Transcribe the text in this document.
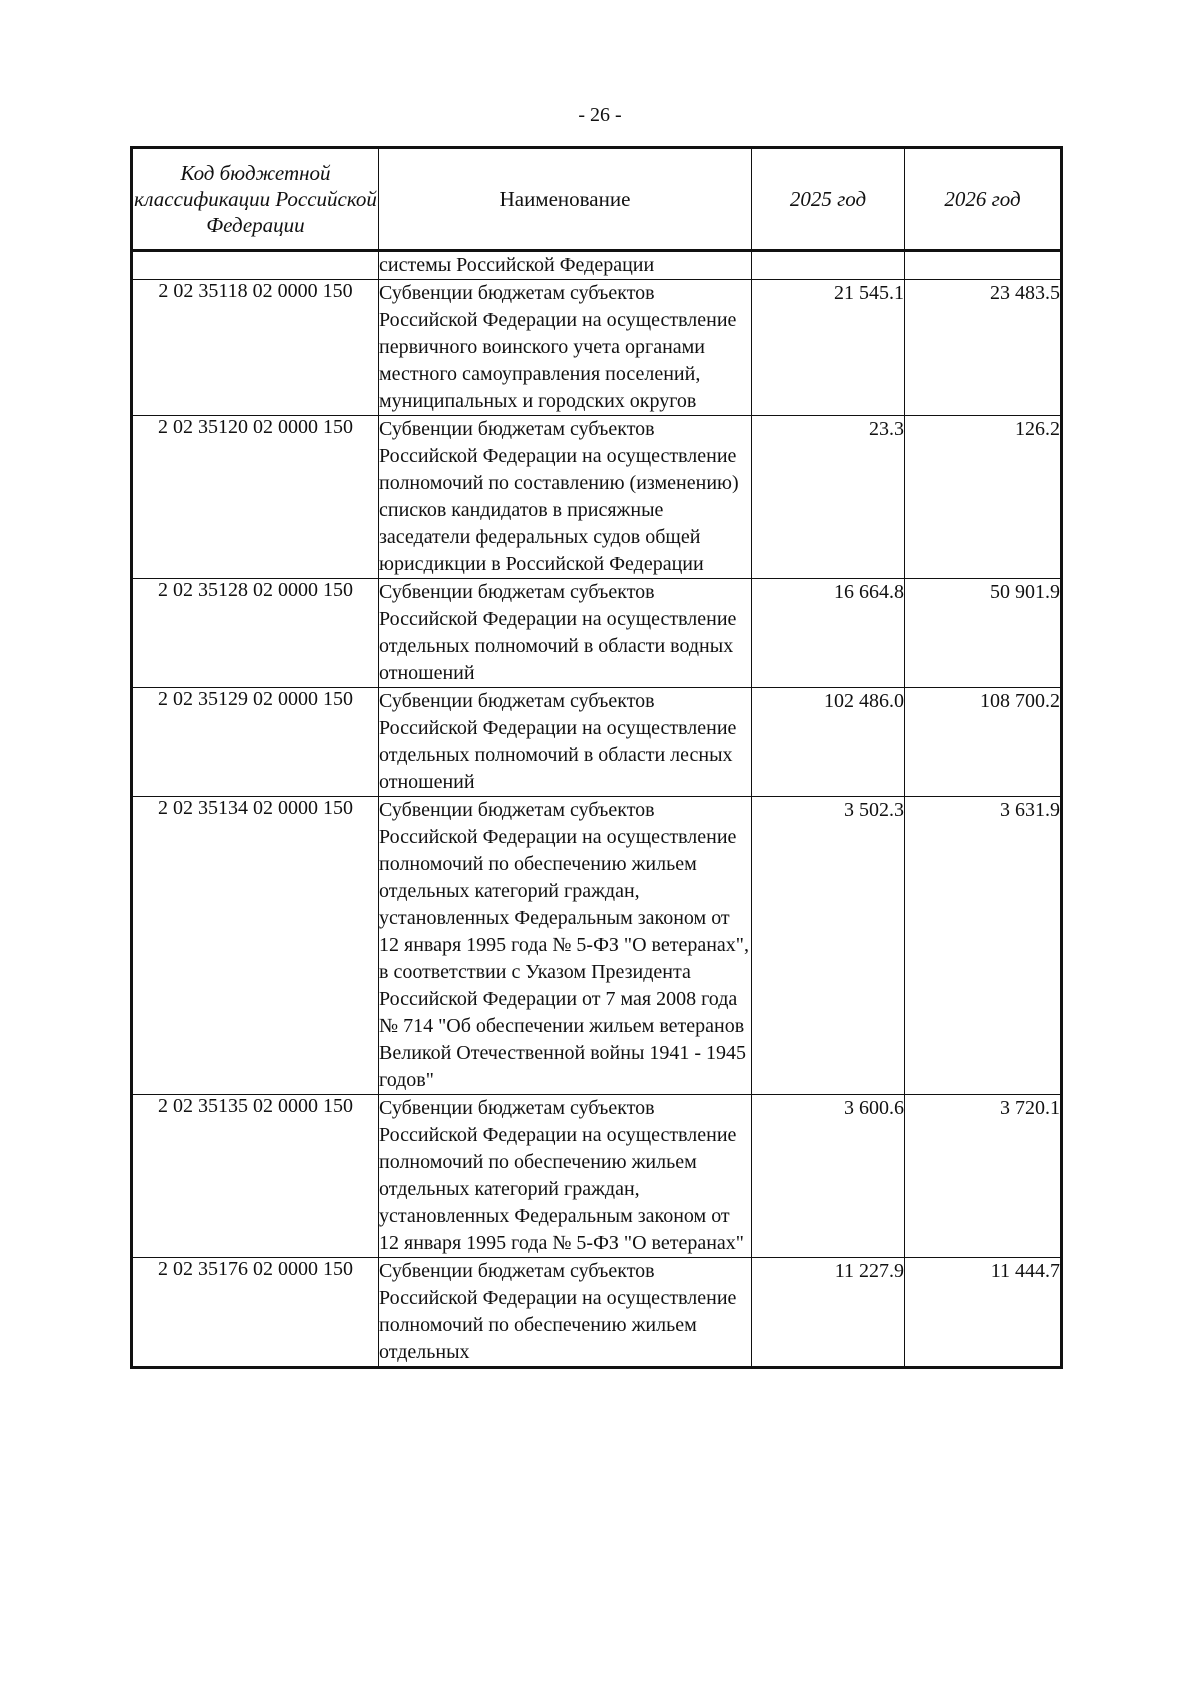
- 26 -
Код бюджетной классификации Российской Федерации	Наименование	2025 год	2026 год

	системы Российской Федерации		
2 02 35118 02 0000 150	Субвенции бюджетам субъектов Российской Федерации на осуществление первичного воинского учета органами местного самоуправления поселений, муниципальных и городских округов	21 545.1	23 483.5
2 02 35120 02 0000 150	Субвенции бюджетам субъектов Российской Федерации на осуществление полномочий по составлению (изменению) списков кандидатов в присяжные заседатели федеральных судов общей юрисдикции в Российской Федерации	23.3	126.2
2 02 35128 02 0000 150	Субвенции бюджетам субъектов Российской Федерации на осуществление отдельных полномочий в области водных отношений	16 664.8	50 901.9
2 02 35129 02 0000 150	Субвенции бюджетам субъектов Российской Федерации на осуществление отдельных полномочий в области лесных отношений	102 486.0	108 700.2
2 02 35134 02 0000 150	Субвенции бюджетам субъектов Российской Федерации на осуществление полномочий по обеспечению жильем отдельных категорий граждан, установленных Федеральным законом от 12 января 1995 года № 5-ФЗ "О ветеранах", в соответствии с Указом Президента Российской Федерации от 7 мая 2008 года № 714 "Об обеспечении жильем ветеранов Великой Отечественной войны 1941 - 1945 годов"	3 502.3	3 631.9
2 02 35135 02 0000 150	Субвенции бюджетам субъектов Российской Федерации на осуществление полномочий по обеспечению жильем отдельных категорий граждан, установленных Федеральным законом от 12 января 1995 года № 5-ФЗ "О ветеранах"	3 600.6	3 720.1
2 02 35176 02 0000 150	Субвенции бюджетам субъектов Российской Федерации на осуществление полномочий по обеспечению жильем отдельных	11 227.9	11 444.7
